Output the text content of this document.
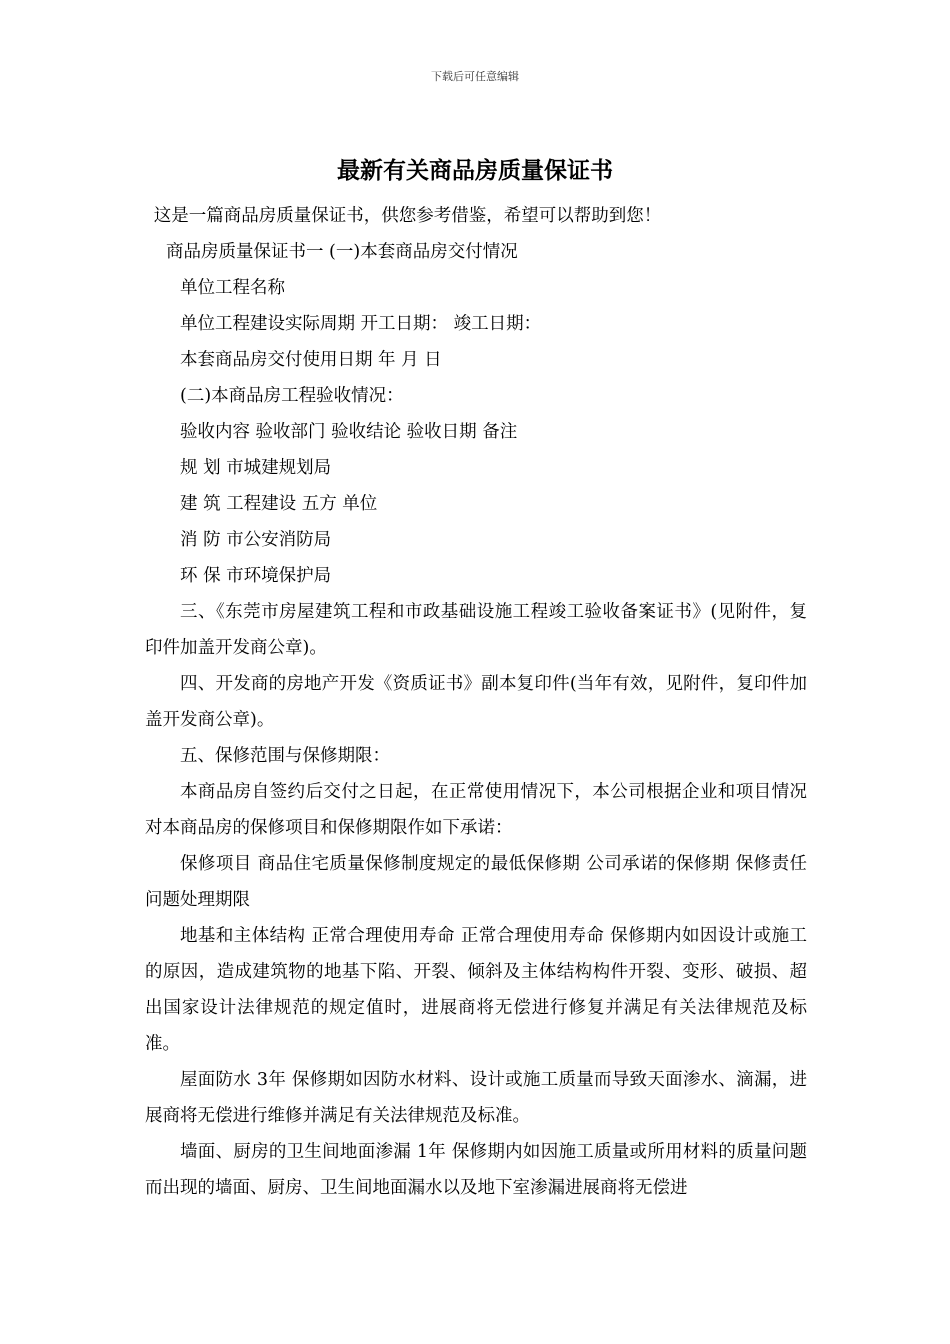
下载后可任意编辑
最新有关商品房质量保证书

这是一篇商品房质量保证书，供您参考借鉴，希望可以帮助到您！

商品房质量保证书一 (一)本套商品房交付情况

单位工程名称

单位工程建设实际周期 开工日期： 竣工日期：

本套商品房交付使用日期 年 月 日

(二)本商品房工程验收情况：

验收内容 验收部门 验收结论 验收日期 备注

规 划 市城建规划局

建 筑 工程建设 五方 单位

消 防 市公安消防局

环 保 市环境保护局

三、《东莞市房屋建筑工程和市政基础设施工程竣工验收备案证书》(见附件，复印件加盖开发商公章)。

四、开发商的房地产开发《资质证书》副本复印件(当年有效，见附件，复印件加盖开发商公章)。

五、保修范围与保修期限：

本商品房自签约后交付之日起，在正常使用情况下，本公司根据企业和项目情况对本商品房的保修项目和保修期限作如下承诺：

保修项目 商品住宅质量保修制度规定的最低保修期 公司承诺的保修期 保修责任 问题处理期限

地基和主体结构 正常合理使用寿命 正常合理使用寿命 保修期内如因设计或施工的原因，造成建筑物的地基下陷、开裂、倾斜及主体结构构件开裂、变形、破损、超出国家设计法律规范的规定值时，进展商将无偿进行修复并满足有关法律规范及标准。

屋面防水 3年 保修期如因防水材料、设计或施工质量而导致天面渗水、滴漏，进展商将无偿进行维修并满足有关法律规范及标准。

墙面、厨房的卫生间地面渗漏 1年 保修期内如因施工质量或所用材料的质量问题而出现的墙面、厨房、卫生间地面漏水以及地下室渗漏进展商将无偿进
